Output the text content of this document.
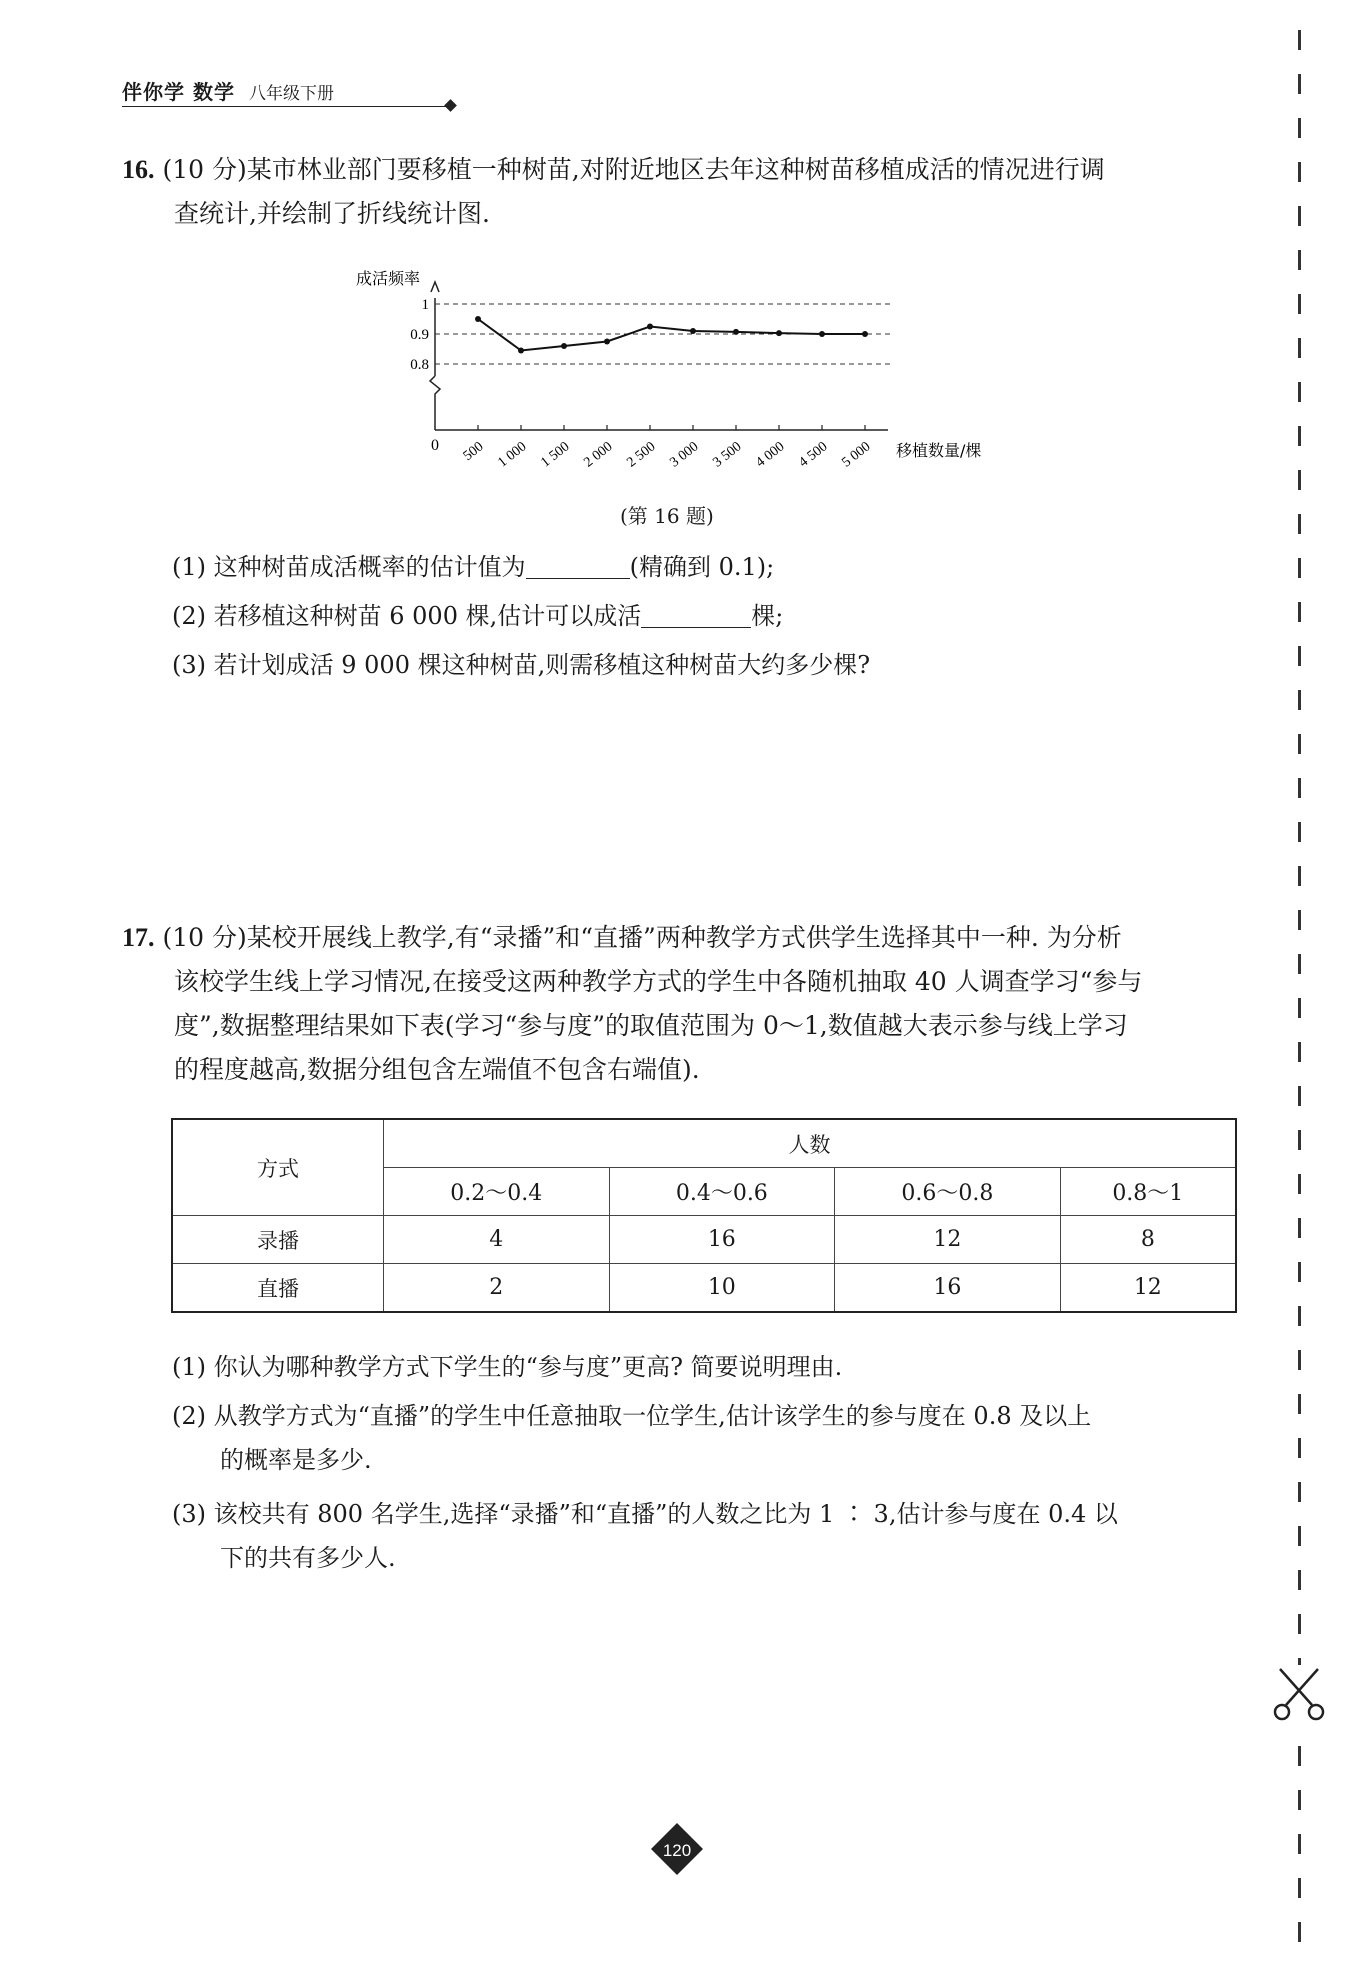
伴你学 数学 八年级下册
16. (10 分)某市林业部门要移植一种树苗,对附近地区去年这种树苗移植成活的情况进行调
查统计,并绘制了折线统计图.
成活频率
移植数量/棵
0
0.8
0.9
1
500 1 000 1 500 2 000 2 500 3 000 3 500 4 000 4 500 5 000
(第 16 题)
(1) 这种树苗成活概率的估计值为	(精确到 0.1);
(2) 若移植这种树苗 6 000 棵,估计可以成活	棵;
(3) 若计划成活 9 000 棵这种树苗,则需移植这种树苗大约多少棵?
17. (10 分)某校开展线上教学,有“录播”和“直播”两种教学方式供学生选择其中一种. 为分析
该校学生线上学习情况,在接受这两种教学方式的学生中各随机抽取 40 人调查学习“参与
度”,数据整理结果如下表(学习“参与度”的取值范围为 0～1,数值越大表示参与线上学习
的程度越高,数据分组包含左端值不包含右端值).
方式	人数			
	0.2～0.4	0.4～0.6	0.6～0.8	0.8～1
录播	4	16	12	8
直播	2	10	16	12
(1) 你认为哪种教学方式下学生的“参与度”更高? 简要说明理由.
(2) 从教学方式为“直播”的学生中任意抽取一位学生,估计该学生的参与度在 0.8 及以上
的概率是多少.
(3) 该校共有 800 名学生,选择“录播”和“直播”的人数之比为 1 ∶ 3,估计参与度在 0.4 以
下的共有多少人.
120
